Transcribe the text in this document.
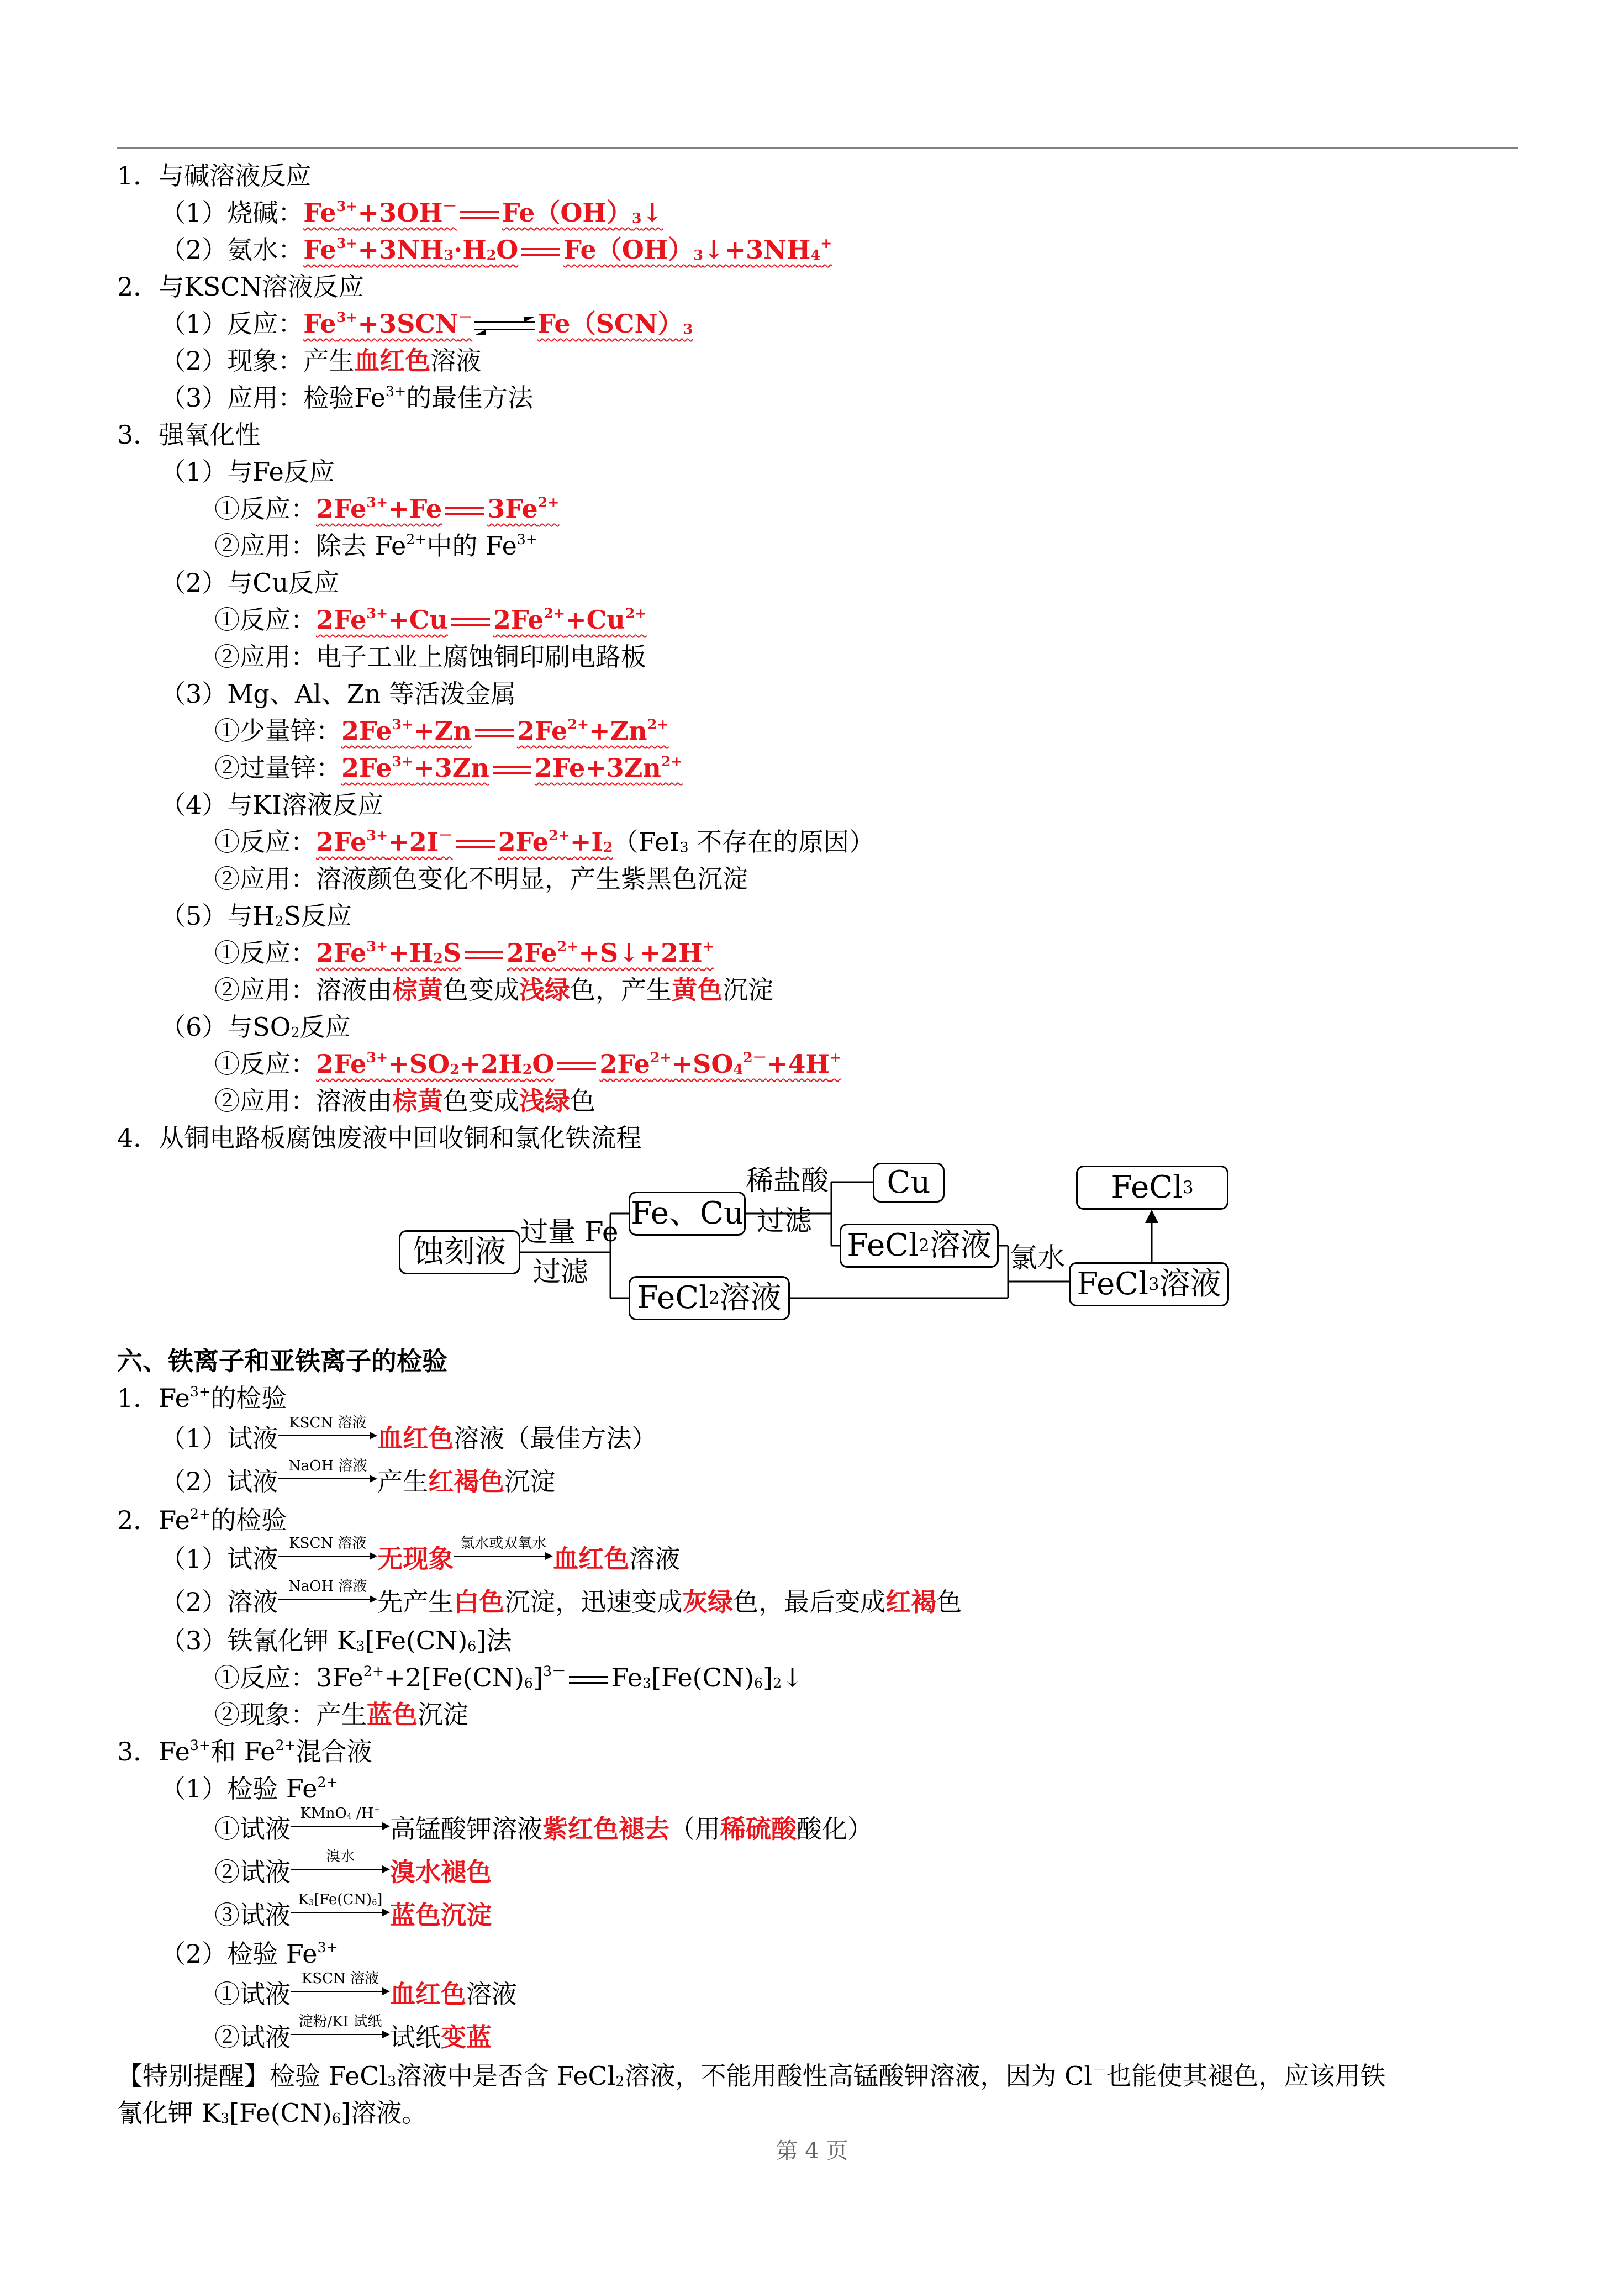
1．与碱溶液反应
（1）烧碱：$Fe^{3+}+3OH^-$ $Fe(OH)_3↓$
（2）氨水：$Fe^{3+}+3NH_3\cdot H_2O$ $Fe(OH)_3↓+3NH_4^+$
2．与KSCN溶液反应
（1）反应：$Fe^{3+}+3SCN^-$	$Fe(SCN)_3$
（2）现象：产生血红色溶液
（3）应用：检验$Fe^{3+}$的最佳方法
3．强氧化性
（1）与Fe反应
①反应：$2Fe^{3+}+Fe$ $3Fe^{2+}$
②应用：除去 $Fe^{2+}$中的 $Fe^{3+}$
（2）与Cu反应
①反应：$2Fe^{3+}+Cu$ $2Fe^{2+}+Cu^{2+}$
②应用：电子工业上腐蚀铜印刷电路板
（3）Mg、Al、Zn 等活泼金属
①少量锌：$2Fe^{3+}+Zn$ $2Fe^{2+}+Zn^{2+}$
②过量锌：$2Fe^{3+}+3Zn$ $2Fe+3Zn^{2+}$
（4）与KI溶液反应
①反应：$2Fe^{3+}+2I^-$ $2Fe^{2+}+I_2(FeI_3$ 不存在的原因）
②应用：溶液颜色变化不明显，产生紫黑色沉淀
（5）与$H_2S$反应
①反应：$2Fe^{3+}+H_2S$ $2Fe^{2+}+S↓+2H^+$
②应用：溶液由棕黄色变成浅绿色，产生黄色沉淀
（6）与$SO_2$反应
①反应：$2Fe^{3+}+SO_2+2H_2O$ $2Fe^{2+}+SO_4^{2-}+4H^+$
②应用：溶液由棕黄色变成浅绿色
4．从铜电路板腐蚀废液中回收铜和氯化铁流程
六、铁离子和亚铁离子的检验
1．$Fe^{3+}$的检验
（1）试液
KSCN 溶液
血红色溶液（最佳方法）
（2）试液
NaOH 溶液
产生红褐色沉淀
2．$Fe^{2+}$的检验
（1）试液
KSCN 溶液
无现象
氯水或双氧水
血红色溶液
（2）溶液
NaOH 溶液
先产生白色沉淀，迅速变成灰绿色，最后变成红褐色
（3）铁氰化钾 $K_3[Fe(CN)_6]$法
①反应：$3Fe^{2+}+2[Fe(CN)_6]^{3-}$ $Fe_3[Fe(CN)_6]_2↓$
②现象：产生蓝色沉淀
3．$Fe^{3+}$和 $Fe^{2+}$混合液
（1）检验 $Fe^{2+}$
①试液
KMnO$_4$ /H+
高锰酸钾溶液紫红色褪去（用稀硫酸酸化）
②试液
溴水
溴水褪色
③试液
$K_3[Fe(CN)_6]$
蓝色沉淀
（2）检验 $Fe^{3+}$
①试液
KSCN 溶液
血红色溶液
②试液
淀粉/KI 试纸
试纸变蓝
【特别提醒】检验 FeCl$_3$溶液中是否含 FeCl$_2$溶液，不能用酸性高锰酸钾溶液，因为 Cl－也能使其褪色，应该用铁
氰化钾 $K_3[Fe(CN)_6]$溶液。
蚀刻液
Fe、Cu
Cu
FeCl 2 溶液
FeCl 2 溶液	FeCl 3 溶液
FeCl 3
过量 Fe
过滤
稀盐酸
过滤
氯水
第 4 页
